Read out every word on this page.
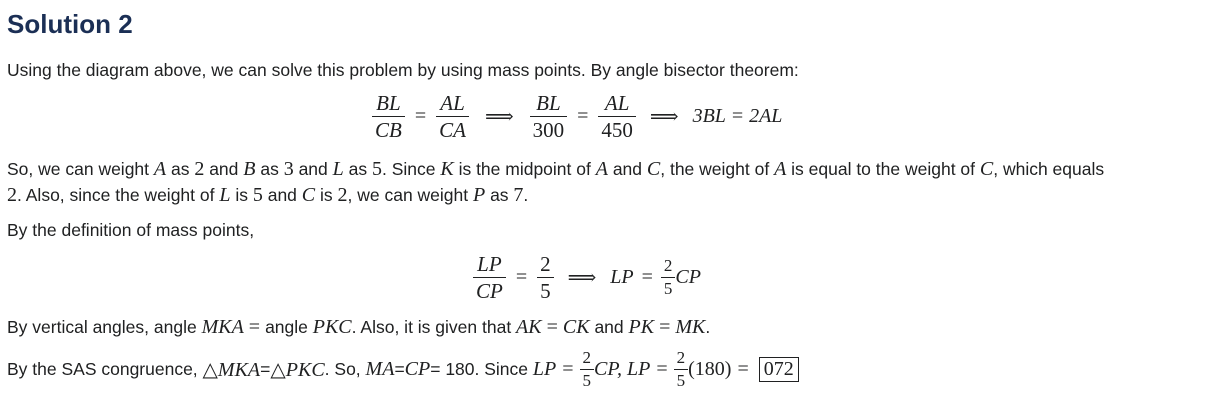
Solution 2
Using the diagram above, we can solve this problem by using mass points. By angle bisector theorem:
$\frac{BL}{CB} = \frac{AL}{CA}$ ⟹ $\frac{BL}{300} = \frac{AL}{450}$ ⟹ 3BL = 2AL
So, we can weight A as 2 and B as 3 and L as 5. Since K is the midpoint of A and C, the weight of A is equal to the weight of C, which equals
2. Also, since the weight of L is 5 and C is 2, we can weight P as 7.
By the definition of mass points,
$\frac{LP}{CP} = \frac{2}{5}$ ⟹ LP = $\frac{2}{5}$ CP
By vertical angles, angle MKA = angle PKC. Also, it is given that AK = CK and PK = MK.
By the SAS congruence,
△MKA = △PKC . So,
MA = CP = 180. Since
LP = $\frac{2}{5}$ CP, LP = $\frac{2}{5} (180) = 072$
